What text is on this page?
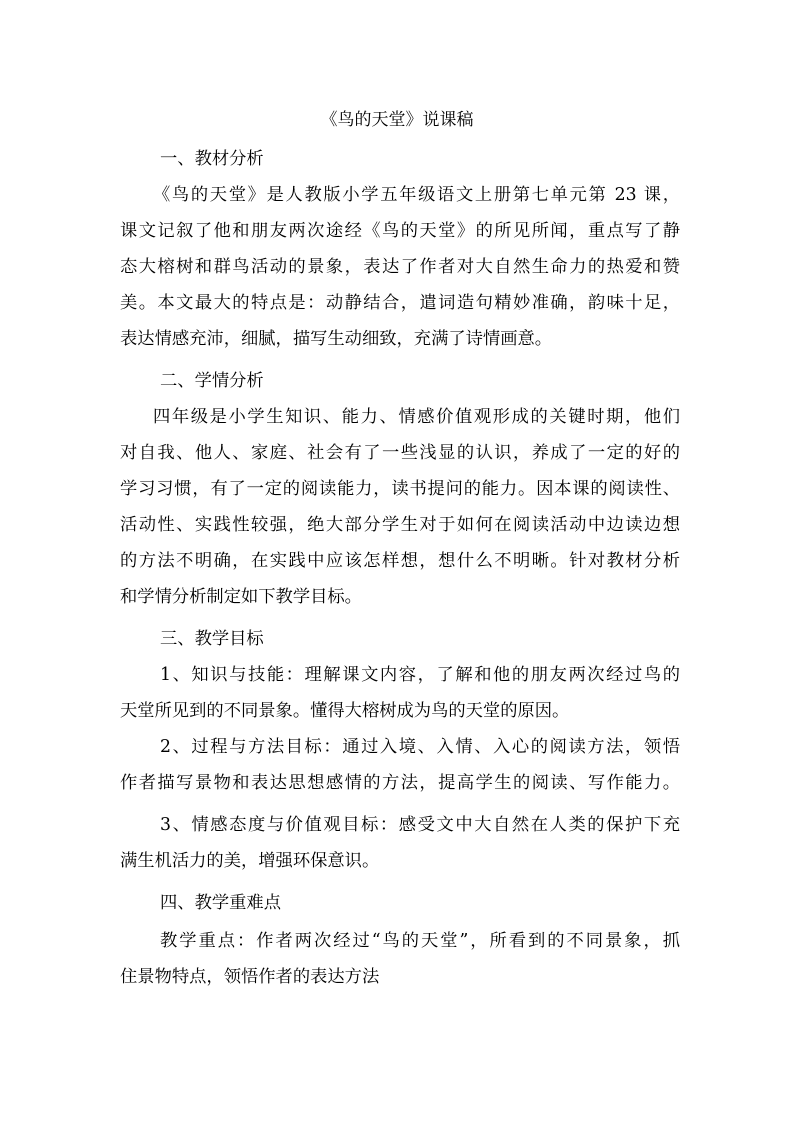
《鸟的天堂》说课稿
一、教材分析
《鸟的天堂》是人教版小学五年级语文上册第七单元第 23 课，
课文记叙了他和朋友两次途经《鸟的天堂》的所见所闻，重点写了静
态大榕树和群鸟活动的景象，表达了作者对大自然生命力的热爱和赞
美。本文最大的特点是：动静结合，遣词造句精妙准确，韵味十足，
表达情感充沛，细腻，描写生动细致，充满了诗情画意。
二、学情分析
四年级是小学生知识、能力、情感价值观形成的关键时期，他们
对自我、他人、家庭、社会有了一些浅显的认识，养成了一定的好的
学习习惯，有了一定的阅读能力，读书提问的能力。因本课的阅读性、
活动性、实践性较强，绝大部分学生对于如何在阅读活动中边读边想
的方法不明确，在实践中应该怎样想，想什么不明晰。针对教材分析
和学情分析制定如下教学目标。
三、教学目标
1、知识与技能：理解课文内容，了解和他的朋友两次经过鸟的
天堂所见到的不同景象。懂得大榕树成为鸟的天堂的原因。
2、过程与方法目标：通过入境、入情、入心的阅读方法，领悟
作者描写景物和表达思想感情的方法，提高学生的阅读、写作能力。
3、情感态度与价值观目标：感受文中大自然在人类的保护下充
满生机活力的美，增强环保意识。
四、教学重难点
教学重点：作者两次经过“鸟的天堂”，所看到的不同景象，抓
住景物特点，领悟作者的表达方法
